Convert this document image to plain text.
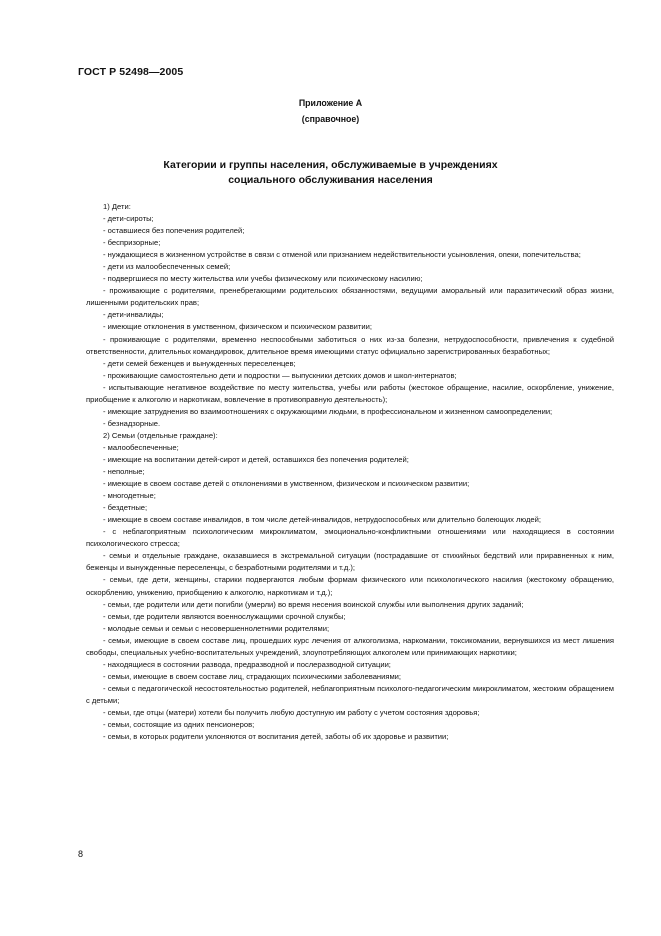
ГОСТ Р 52498—2005
Приложение А
(справочное)
Категории и группы населения, обслуживаемые в учреждениях
социального обслуживания населения

1) Дети:

- дети-сироты;

- оставшиеся без попечения родителей;

- беспризорные;

- нуждающиеся в жизненном устройстве в связи с отменой или признанием недействительности усыновления, опеки, попечительства;

- дети из малообеспеченных семей;

- подвергшиеся по месту жительства или учебы физическому или психическому насилию;

- проживающие с родителями, пренебрегающими родительских обязанностями, ведущими аморальный или паразитический образ жизни, лишенными родительских прав;

- дети-инвалиды;

- имеющие отклонения в умственном, физическом и психическом развитии;

- проживающие с родителями, временно неспособными заботиться о них из-за болезни, нетрудоспособности, привлечения к судебной ответственности, длительных командировок, длительное время имеющими статус официально зарегистрированных безработных;

- дети семей беженцев и вынужденных переселенцев;

- проживающие самостоятельно дети и подростки — выпускники детских домов и школ-интернатов;

- испытывающие негативное воздействие по месту жительства, учебы или работы (жестокое обращение, насилие, оскорбление, унижение, приобщение к алкоголю и наркотикам, вовлечение в противоправную деятельность);

- имеющие затруднения во взаимоотношениях с окружающими людьми, в профессиональном и жизненном самоопределении;

- безнадзорные.

2) Семьи (отдельные граждане):

- малообеспеченные;

- имеющие на воспитании детей-сирот и детей, оставшихся без попечения родителей;

- неполные;

- имеющие в своем составе детей с отклонениями в умственном, физическом и психическом развитии;

- многодетные;

- бездетные;

- имеющие в своем составе инвалидов, в том числе детей-инвалидов, нетрудоспособных или длительно болеющих людей;

- с неблагоприятным психологическим микроклиматом, эмоционально-конфликтными отношениями или находящиеся в состоянии психологического стресса;

- семьи и отдельные граждане, оказавшиеся в экстремальной ситуации (пострадавшие от стихийных бедствий или приравненных к ним, беженцы и вынужденные переселенцы, с безработными родителями и т.д.);

- семьи, где дети, женщины, старики подвергаются любым формам физического или психологического насилия (жестокому обращению, оскорблению, унижению, приобщению к алкоголю, наркотикам и т.д.);

- семьи, где родители или дети погибли (умерли) во время несения воинской службы или выполнения других заданий;

- семьи, где родители являются военнослужащими срочной службы;

- молодые семьи и семьи с несовершеннолетними родителями;

- семьи, имеющие в своем составе лиц, прошедших курс лечения от алкоголизма, наркомании, токсикомании, вернувшихся из мест лишения свободы, специальных учебно-воспитательных учреждений, злоупотребляющих алкоголем или принимающих наркотики;

- находящиеся в состоянии развода, предразводной и послеразводной ситуации;

- семьи, имеющие в своем составе лиц, страдающих психическими заболеваниями;

- семьи с педагогической несостоятельностью родителей, неблагоприятным психолого-педагогическим микроклиматом, жестоким обращением с детьми;

- семьи, где отцы (матери) хотели бы получить любую доступную им работу с учетом состояния здоровья;

- семьи, состоящие из одних пенсионеров;

- семьи, в которых родители уклоняются от воспитания детей, заботы об их здоровье и развитии;

8
